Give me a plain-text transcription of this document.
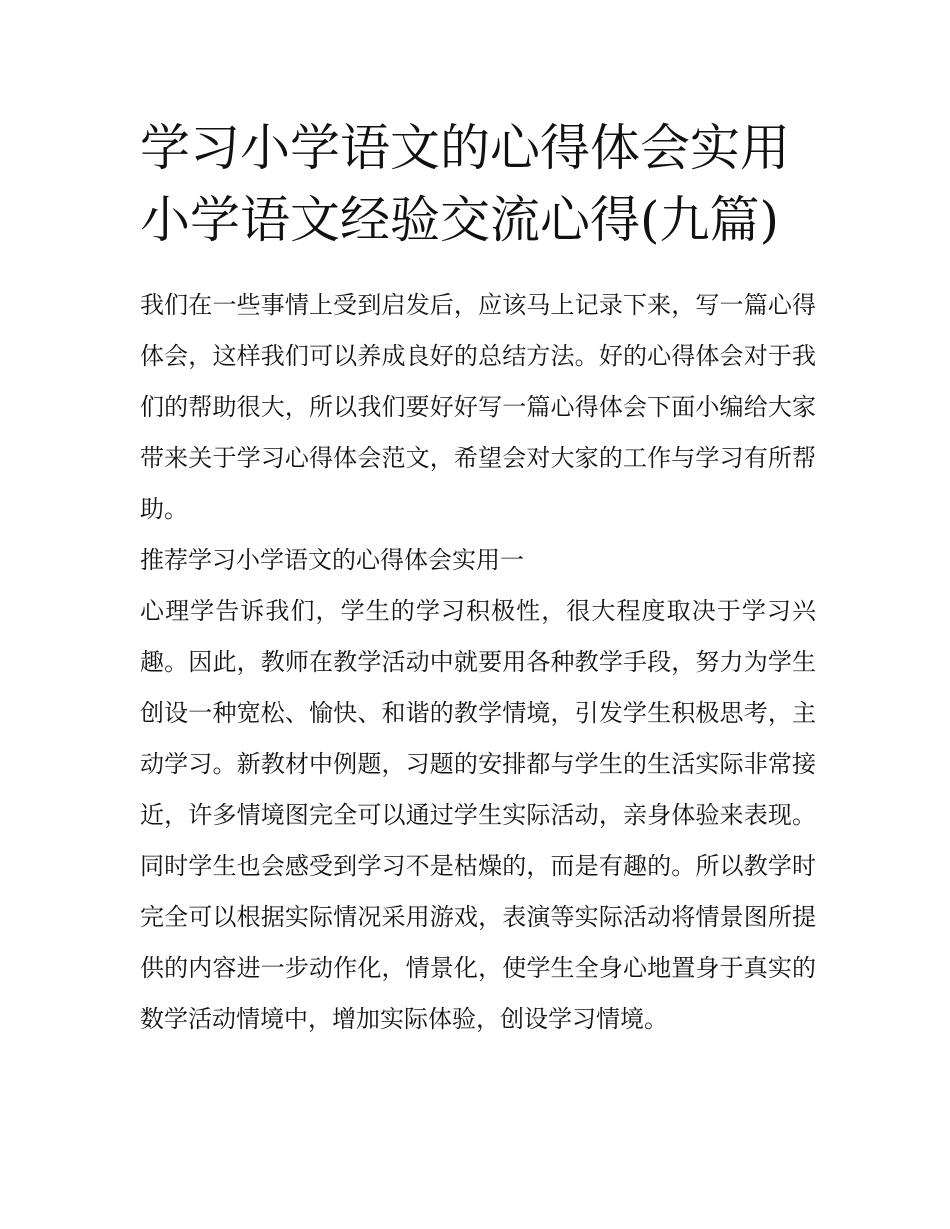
学习小学语文的心得体会实用小学语文经验交流心得(九篇)

我们在一些事情上受到启发后，应该马上记录下来，写一篇心得体会，这样我们可以养成良好的总结方法。好的心得体会对于我们的帮助很大，所以我们要好好写一篇心得体会下面小编给大家带来关于学习心得体会范文，希望会对大家的工作与学习有所帮助。

推荐学习小学语文的心得体会实用一

心理学告诉我们，学生的学习积极性，很大程度取决于学习兴趣。因此，教师在教学活动中就要用各种教学手段，努力为学生创设一种宽松、愉快、和谐的教学情境，引发学生积极思考，主动学习。新教材中例题，习题的安排都与学生的生活实际非常接近，许多情境图完全可以通过学生实际活动，亲身体验来表现。同时学生也会感受到学习不是枯燥的，而是有趣的。所以教学时完全可以根据实际情况采用游戏，表演等实际活动将情景图所提供的内容进一步动作化，情景化，使学生全身心地置身于真实的数学活动情境中，增加实际体验，创设学习情境。
